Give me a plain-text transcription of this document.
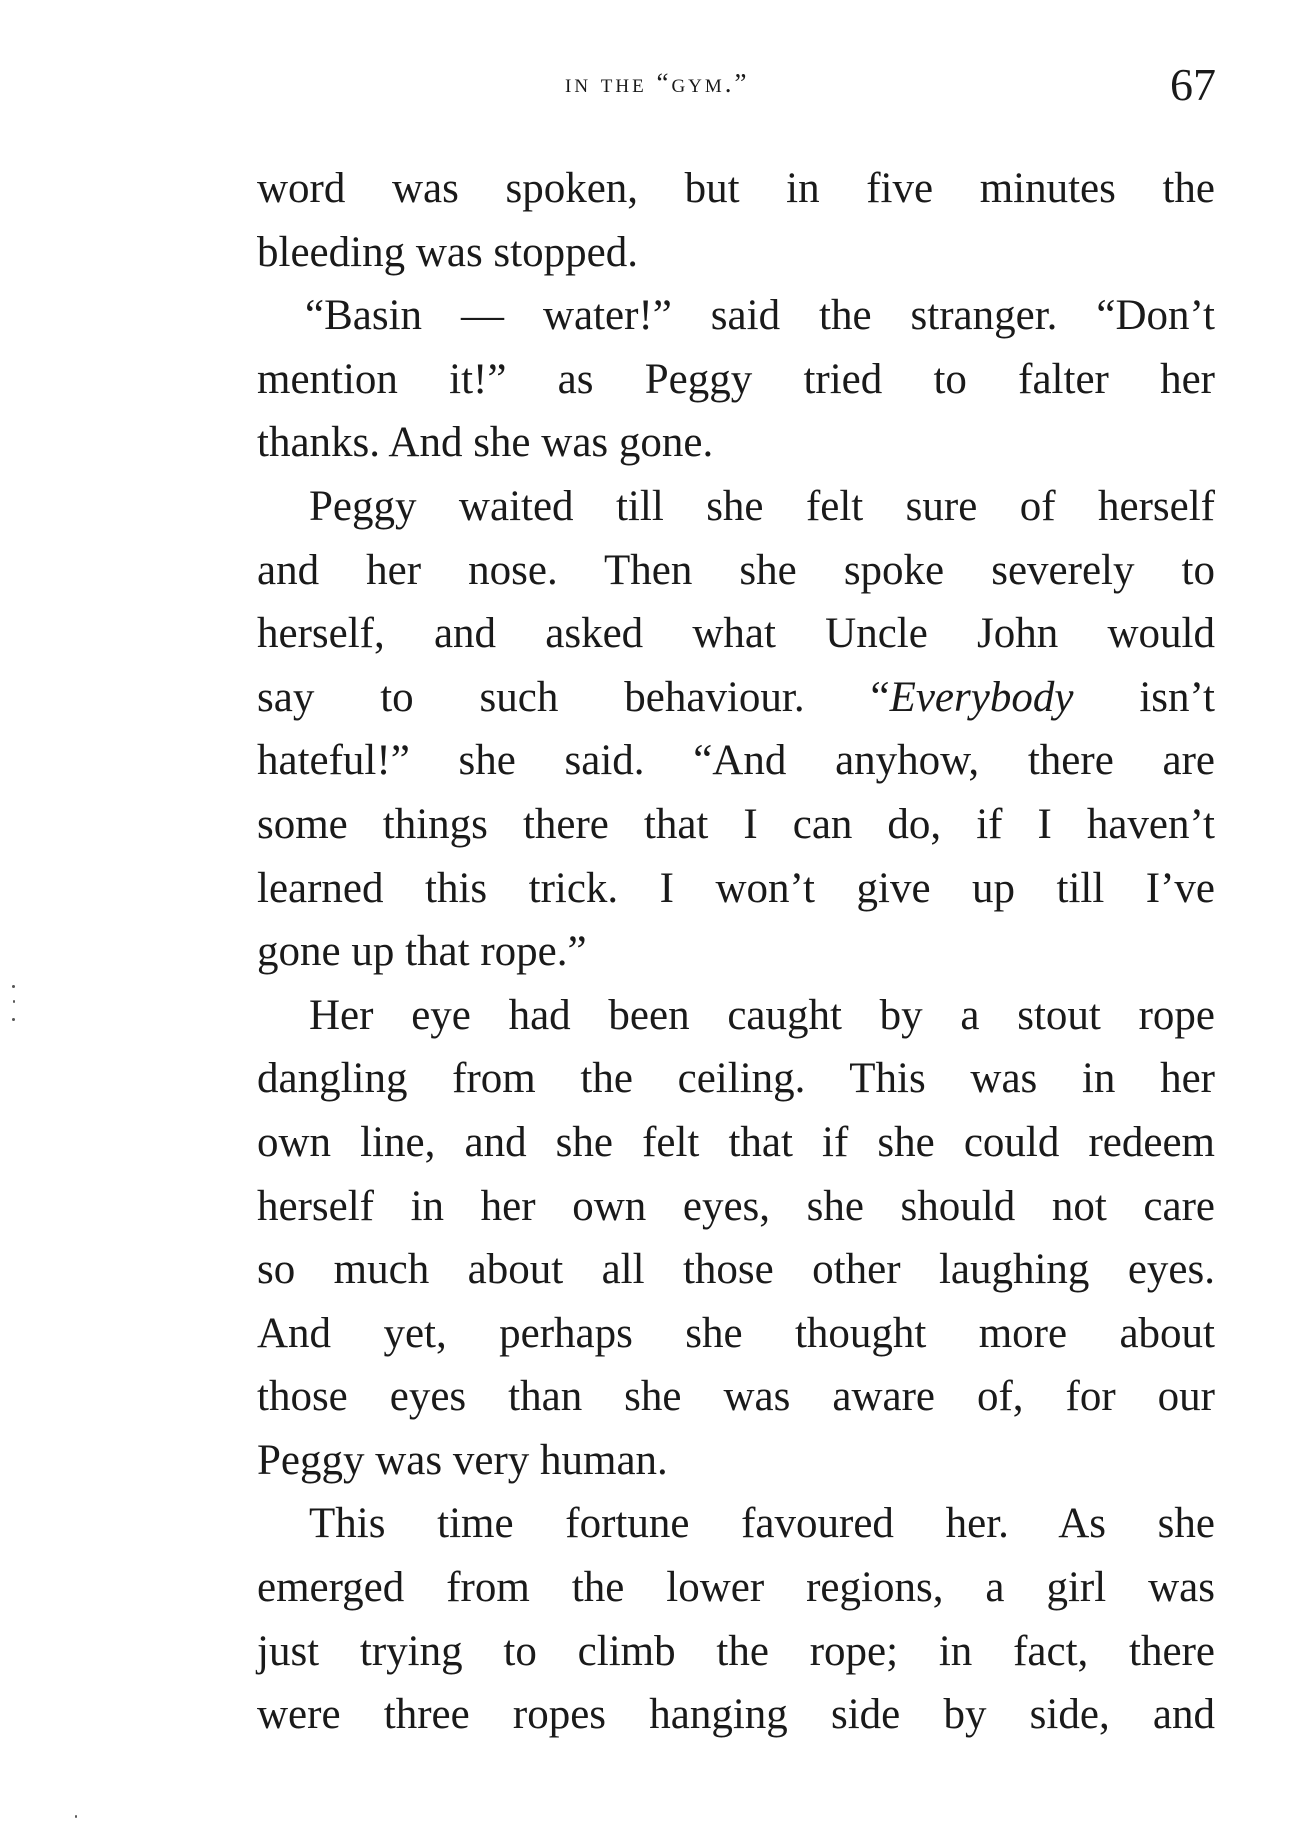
in the “gym.”	67
word was spoken, but in five minutes the
bleeding was stopped.
“Basin — water!” said the stranger. “Don’t
mention it!” as Peggy tried to falter her
thanks. And she was gone.
Peggy waited till she felt sure of herself
and her nose. Then she spoke severely to
herself, and asked what Uncle John would
say to such behaviour. “Everybody isn’t
hateful!” she said. “And anyhow, there are
some things there that I can do, if I haven’t
learned this trick. I won’t give up till I’ve
gone up that rope.”
Her eye had been caught by a stout rope
dangling from the ceiling. This was in her
own line, and she felt that if she could redeem
herself in her own eyes, she should not care
so much about all those other laughing eyes.
And yet, perhaps she thought more about
those eyes than she was aware of, for our
Peggy was very human.
This time fortune favoured her. As she
emerged from the lower regions, a girl was
just trying to climb the rope; in fact, there
were three ropes hanging side by side, and
